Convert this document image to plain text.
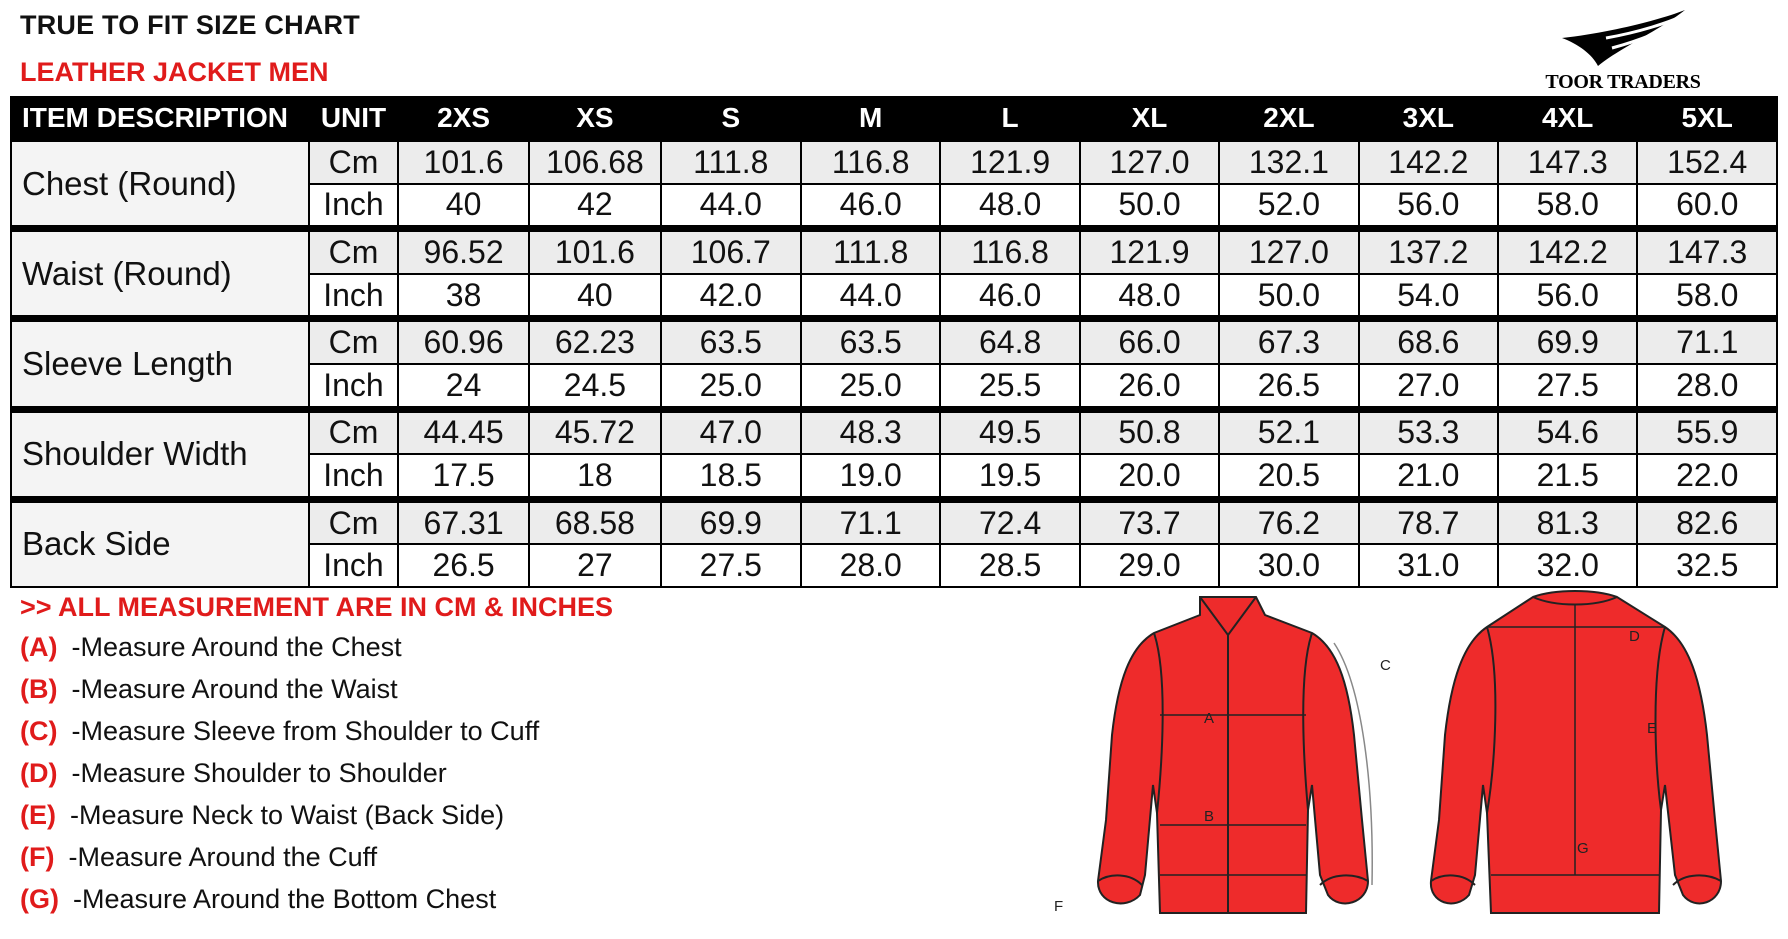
TRUE TO FIT SIZE CHART
LEATHER JACKET MEN	TOOR TRADERS
ITEM DESCRIPTION	UNIT	2XS	XS	S	M	L	XL	2XL	3XL	4XL	5XL
Chest (Round)	Cm	101.6	106.68	111.8	116.8	121.9	127.0	132.1	142.2	147.3	152.4
	Inch	40	42	44.0	46.0	48.0	50.0	52.0	56.0	58.0	60.0
Waist (Round)	Cm	96.52	101.6	106.7	111.8	116.8	121.9	127.0	137.2	142.2	147.3
	Inch	38	40	42.0	44.0	46.0	48.0	50.0	54.0	56.0	58.0
Sleeve Length	Cm	60.96	62.23	63.5	63.5	64.8	66.0	67.3	68.6	69.9	71.1
	Inch	24	24.5	25.0	25.0	25.5	26.0	26.5	27.0	27.5	28.0
Shoulder Width	Cm	44.45	45.72	47.0	48.3	49.5	50.8	52.1	53.3	54.6	55.9
	Inch	17.5	18	18.5	19.0	19.5	20.0	20.5	21.0	21.5	22.0
Back Side	Cm	67.31	68.58	69.9	71.1	72.4	73.7	76.2	78.7	81.3	82.6
	Inch	26.5	27	27.5	28.0	28.5	29.0	30.0	31.0	32.0	32.5
>> ALL MEASUREMENT ARE IN CM & INCHES
(A) -Measure Around the Chest
(B) -Measure Around the Waist
(C) -Measure Sleeve from Shoulder to Cuff
(D) -Measure Shoulder to Shoulder
(E) -Measure Neck to Waist (Back Side)
(F) -Measure Around the Cuff
(G) -Measure Around the Bottom Chest
A
B
C
F
D
E
G
